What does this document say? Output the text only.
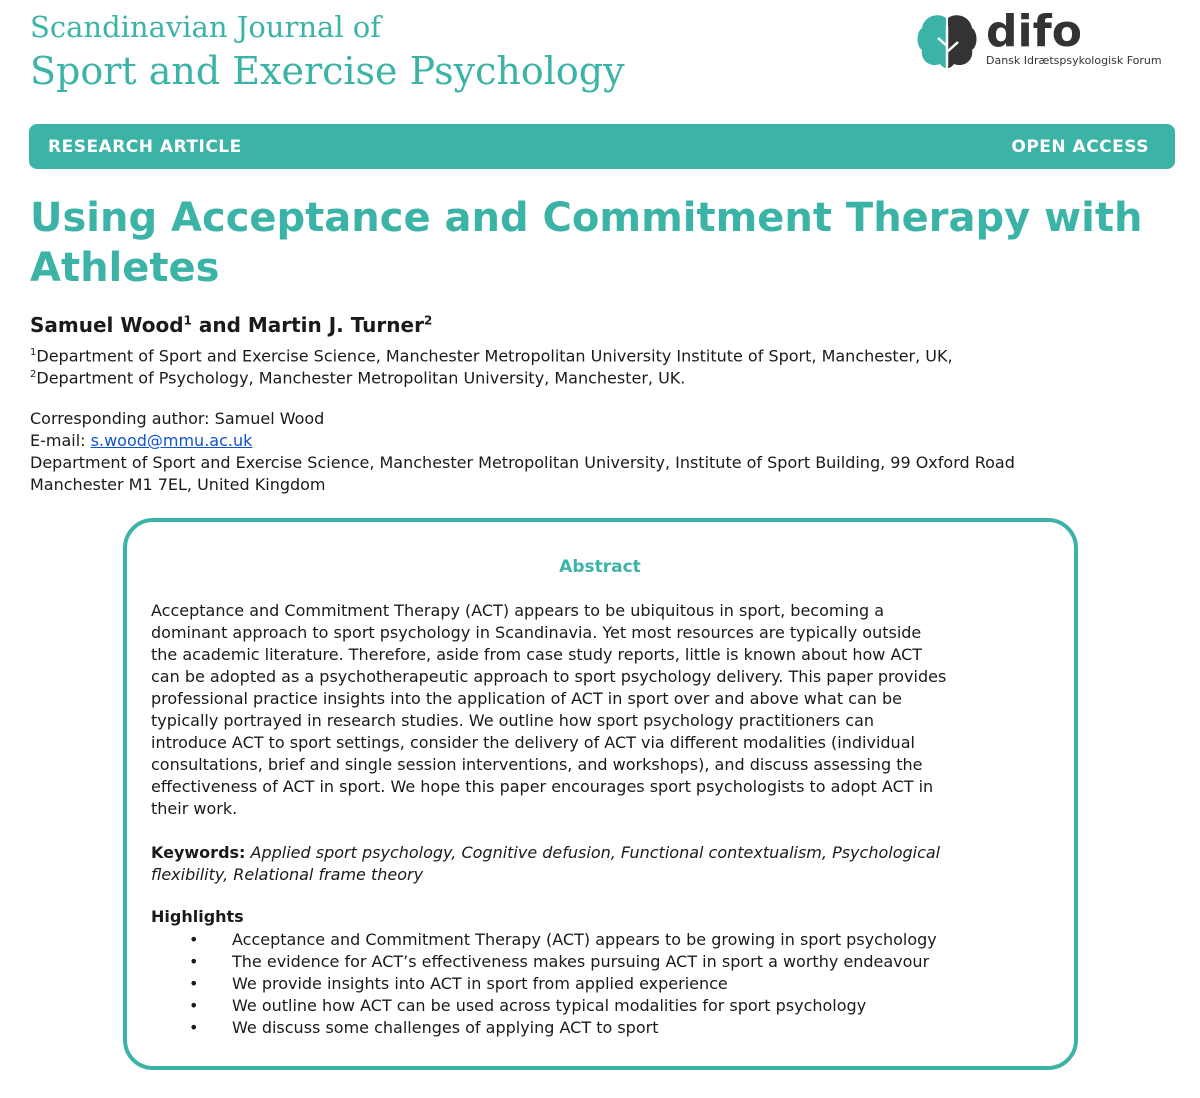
Scandinavian Journal of
Sport and Exercise Psychology
difo
Dansk Idrætspsykologisk Forum
RESEARCH ARTICLE	OPEN ACCESS
Using Acceptance and Commitment Therapy with Athletes
Samuel Wood$^1$ and Martin J. Turner$^2$
$^1$Department of Sport and Exercise Science, Manchester Metropolitan University Institute of Sport, Manchester, UK,
$^2$Department of Psychology, Manchester Metropolitan University, Manchester, UK.
Corresponding author: Samuel Wood
E-mail: s.wood@mmu.ac.uk
Department of Sport and Exercise Science, Manchester Metropolitan University, Institute of Sport Building, 99 Oxford Road
Manchester M1 7EL, United Kingdom
Abstract
Acceptance and Commitment Therapy (ACT) appears to be ubiquitous in sport, becoming a
dominant approach to sport psychology in Scandinavia. Yet most resources are typically outside
the academic literature. Therefore, aside from case study reports, little is known about how ACT
can be adopted as a psychotherapeutic approach to sport psychology delivery. This paper provides
professional practice insights into the application of ACT in sport over and above what can be
typically portrayed in research studies. We outline how sport psychology practitioners can
introduce ACT to sport settings, consider the delivery of ACT via different modalities (individual
consultations, brief and single session interventions, and workshops), and discuss assessing the
effectiveness of ACT in sport. We hope this paper encourages sport psychologists to adopt ACT in
their work.
Keywords: Applied sport psychology, Cognitive defusion, Functional contextualism, Psychological
flexibility, Relational frame theory
Highlights
• Acceptance and Commitment Therapy (ACT) appears to be growing in sport psychology
• The evidence for ACT’s effectiveness makes pursuing ACT in sport a worthy endeavour
• We provide insights into ACT in sport from applied experience
• We outline how ACT can be used across typical modalities for sport psychology
• We discuss some challenges of applying ACT to sport
